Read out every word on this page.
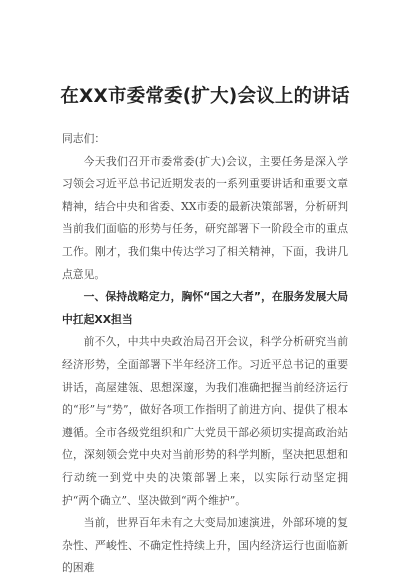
在XX市委常委(扩大)会议上的讲话

同志们：

今天我们召开市委常委(扩大)会议，主要任务是深入学习领会习近平总书记近期发表的一系列重要讲话和重要文章精神，结合中央和省委、XX市委的最新决策部署，分析研判当前我们面临的形势与任务，研究部署下一阶段全市的重点工作。刚才，我们集中传达学习了相关精神，下面，我讲几点意见。

一、保持战略定力，胸怀“国之大者”，在服务发展大局中扛起XX担当

前不久，中共中央政治局召开会议，科学分析研究当前经济形势，全面部署下半年经济工作。习近平总书记的重要讲话，高屋建瓴、思想深邃，为我们准确把握当前经济运行的“形”与“势”，做好各项工作指明了前进方向、提供了根本遵循。全市各级党组织和广大党员干部必须切实提高政治站位，深刻领会党中央对当前形势的科学判断，坚决把思想和行动统一到党中央的决策部署上来，以实际行动坚定拥护“两个确立”、坚决做到“两个维护”。

当前，世界百年未有之大变局加速演进，外部环境的复杂性、严峻性、不确定性持续上升，国内经济运行也面临新的困难
